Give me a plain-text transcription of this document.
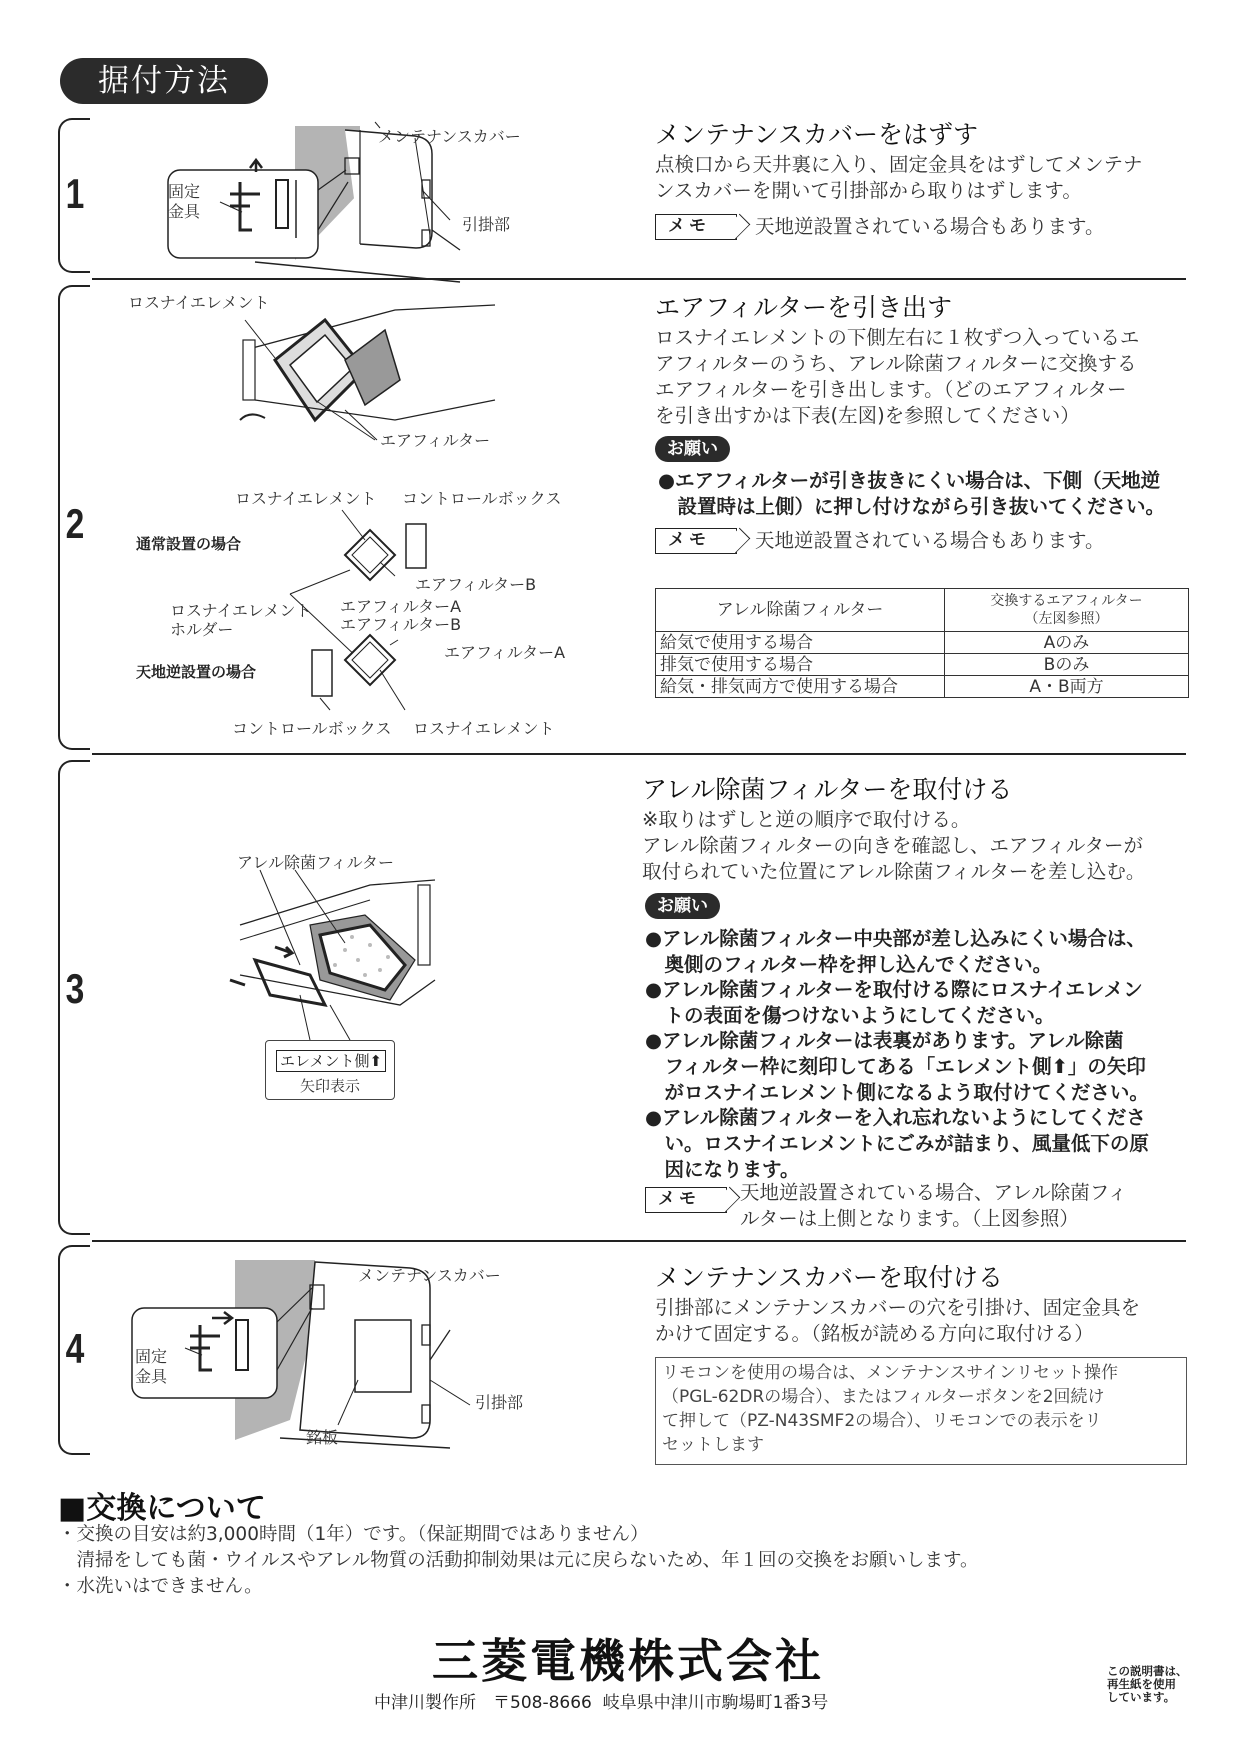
据付方法
1
2
3
4
メンテナンスカバー
固定
金具
引掛部
メンテナンスカバーをはずす
点検口から天井裏に入り、固定金具をはずしてメンテナ
ンスカバーを開いて引掛部から取りはずします。
メモ	天地逆設置されている場合もあります。
ロスナイエレメント
エアフィルター
ロスナイエレメント コントロールボックス
通常設置の場合
エアフィルターB
ロスナイエレメント
ホルダー
エアフィルターA
エアフィルターB
エアフィルターA
天地逆設置の場合
コントロールボックス ロスナイエレメント
エアフィルターを引き出す
ロスナイエレメントの下側左右に１枚ずつ入っているエ
アフィルターのうち、アレル除菌フィルターに交換する
エアフィルターを引き出します。（どのエアフィルター
を引き出すかは下表(左図)を参照してください）
お願い
●エアフィルターが引き抜きにくい場合は、下側（天地逆
　設置時は上側）に押し付けながら引き抜いてください。
メモ	天地逆設置されている場合もあります。
アレル除菌フィルター	交換するエアフィルター
（左図参照）
給気で使用する場合	Aのみ
排気で使用する場合	Bのみ
給気・排気両方で使用する場合	A・B両方
アレル除菌フィルター
エレメント側⬆
矢印表示
アレル除菌フィルターを取付ける
※取りはずしと逆の順序で取付ける。
アレル除菌フィルターの向きを確認し、エアフィルターが
取付られていた位置にアレル除菌フィルターを差し込む。
お願い
●アレル除菌フィルター中央部が差し込みにくい場合は、
　奥側のフィルター枠を押し込んでください。
●アレル除菌フィルターを取付ける際にロスナイエレメン
　トの表面を傷つけないようにしてください。
●アレル除菌フィルターは表裏があります。アレル除菌
　フィルター枠に刻印してある「エレメント側⬆」の矢印
　がロスナイエレメント側になるよう取付けてください。
●アレル除菌フィルターを入れ忘れないようにしてくださ
　い。ロスナイエレメントにごみが詰まり、風量低下の原
　因になります。
メモ	天地逆設置されている場合、アレル除菌フィ
ルターは上側となります。（上図参照）
メンテナンスカバー
固定
金具
引掛部
銘板
メンテナンスカバーを取付ける
引掛部にメンテナンスカバーの穴を引掛け、固定金具を
かけて固定する。（銘板が読める方向に取付ける）
リモコンを使用の場合は、メンテナンスサインリセット操作
（PGL-62DRの場合）、またはフィルターボタンを2回続け
て押して（PZ-N43SMF2の場合）、リモコンでの表示をリ
セットします
■交換について
・交換の目安は約3,000時間（1年）です。（保証期間ではありません）
　清掃をしても菌・ウイルスやアレル物質の活動抑制効果は元に戻らないため、年１回の交換をお願いします。
・水洗いはできません。
三菱電機株式会社
中津川製作所　〒508-8666  岐阜県中津川市駒場町1番3号
この説明書は、
再生紙を使用
しています。
